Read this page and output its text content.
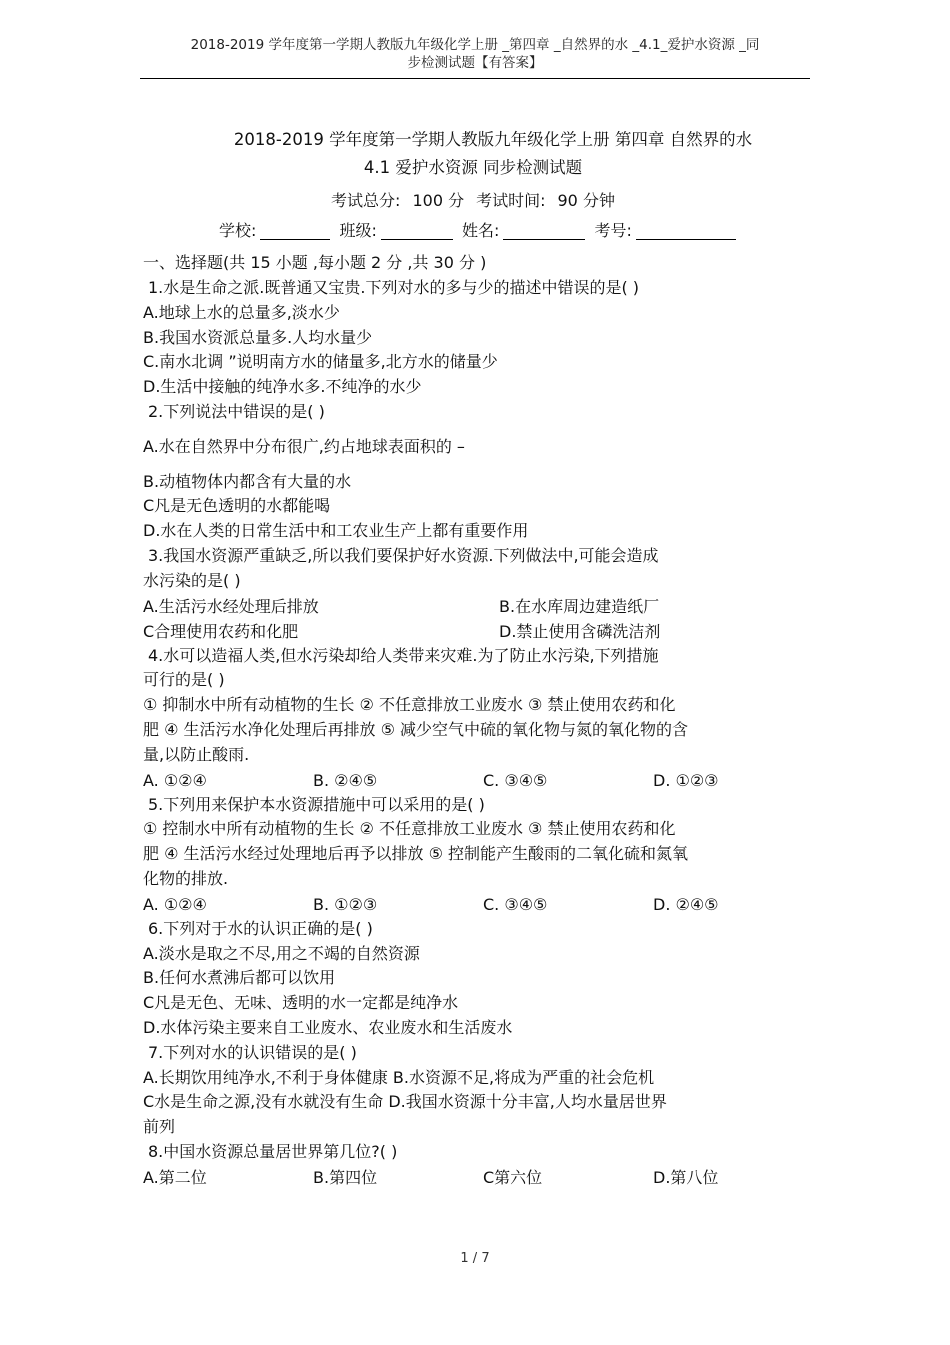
2018-2019 学年度第一学期人教版九年级化学上册 _第四章 _自然界的水 _4.1_爱护水资源 _同
步检测试题【有答案】
2018-2019 学年度第一学期人教版九年级化学上册 第四章 自然界的水
4.1 爱护水资源 同步检测试题
考试总分: 100 分 考试时间: 90 分钟
学校:	班级:	姓名:	考号:
一、选择题(共 15 小题 ,每小题 2 分 ,共 30 分 )
1.水是生命之派.既普通又宝贵.下列对水的多与少的描述中错误的是( )
A.地球上水的总量多,淡水少
B.我国水资派总量多.人均水量少
C.南水北调 ”说明南方水的储量多,北方水的储量少
D.生活中接触的纯净水多.不纯净的水少
2.下列说法中错误的是( )
A.水在自然界中分布很广,约占地球表面积的 –
B.动植物体内都含有大量的水
C凡是无色透明的水都能喝
D.水在人类的日常生活中和工农业生产上都有重要作用
3.我国水资源严重缺乏,所以我们要保护好水资源.下列做法中,可能会造成
水污染的是( )
A.生活污水经处理后排放	B.在水库周边建造纸厂
C合理使用农药和化肥	D.禁止使用含磷洗洁剂
4.水可以造福人类,但水污染却给人类带来灾难.为了防止水污染,下列措施
可行的是( )
① 抑制水中所有动植物的生长 ② 不任意排放工业废水 ③ 禁止使用农药和化
肥 ④ 生活污水净化处理后再排放 ⑤ 减少空气中硫的氧化物与氮的氧化物的含
量,以防止酸雨.
A. ①②④	B. ②④⑤	C. ③④⑤	D. ①②③
5.下列用来保护本水资源措施中可以采用的是( )
① 控制水中所有动植物的生长 ② 不任意排放工业废水 ③ 禁止使用农药和化
肥 ④ 生活污水经过处理地后再予以排放 ⑤ 控制能产生酸雨的二氧化硫和氮氧
化物的排放.
A. ①②④	B. ①②③	C. ③④⑤	D. ②④⑤
6.下列对于水的认识正确的是( )
A.淡水是取之不尽,用之不竭的自然资源
B.任何水煮沸后都可以饮用
C凡是无色、无味、透明的水一定都是纯净水
D.水体污染主要来自工业废水、农业废水和生活废水
7.下列对水的认识错误的是( )
A.长期饮用纯净水,不利于身体健康 B.水资源不足,将成为严重的社会危机
C水是生命之源,没有水就没有生命 D.我国水资源十分丰富,人均水量居世界
前列
8.中国水资源总量居世界第几位?( )
A.第二位	B.第四位	C第六位	D.第八位
1 / 7
